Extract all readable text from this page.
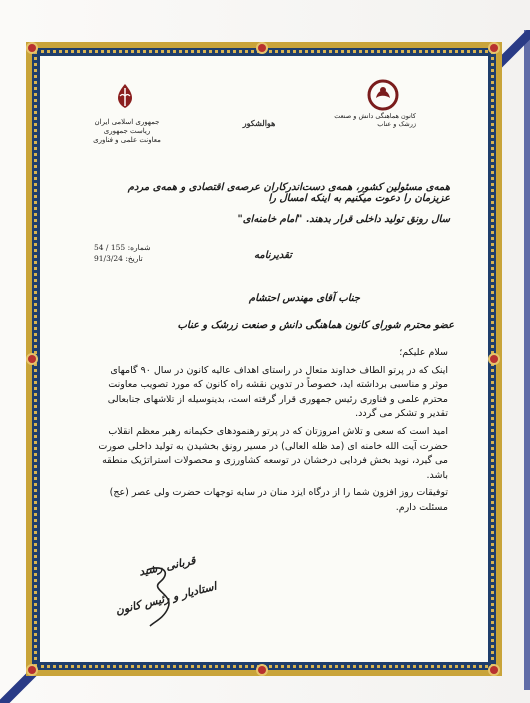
جمهوری اسلامی ایران
ریاست جمهوری
معاونت علمی و فناوری
هوالشکور
کانون هماهنگی دانش و صنعت زرشک و عناب
همه‌ی مسئولین کشور، همه‌ی دست‌اندرکاران عرصه‌ی اقتصادی و همه‌ی مردم عزیزمان را دعوت میکنیم به اینکه امسال را
سال رونق تولید داخلی قرار بدهند. "امام خامنه‌ای"
تقدیرنامه
شماره: 155 / 54
تاریخ: 91/3/24
جناب آقای مهندس احتشام
عضو محترم شورای کانون هماهنگی دانش و صنعت زرشک و عناب

سلام علیکم؛

اینک که در پرتو الطاف خداوند متعال در راستای اهداف عالیه کانون در سال ۹۰ گامهای موثر و مناسبی برداشته اید، خصوصاً در تدوین نقشه راه کانون که مورد تصویب معاونت محترم علمی و فناوری رئیس جمهوری قرار گرفته است، بدینوسیله از تلاشهای جنابعالی تقدیر و تشکر می گردد.

امید است که سعی و تلاش امروزتان که در پرتو رهنمودهای حکیمانه رهبر معظم انقلاب حضرت آیت الله خامنه ای (مد ظله العالی) در مسیر رونق بخشیدن به تولید داخلی صورت می گیرد، نوید بخش فردایی درخشان در توسعه کشاورزی و محصولات استراتژیک منطقه باشد.

توفیقات روز افزون شما را از درگاه ایزد منان در سایه توجهات حضرت ولی عصر (عج) مسئلت دارم.

قربانی رشید
استادیار و رئیس کانون
